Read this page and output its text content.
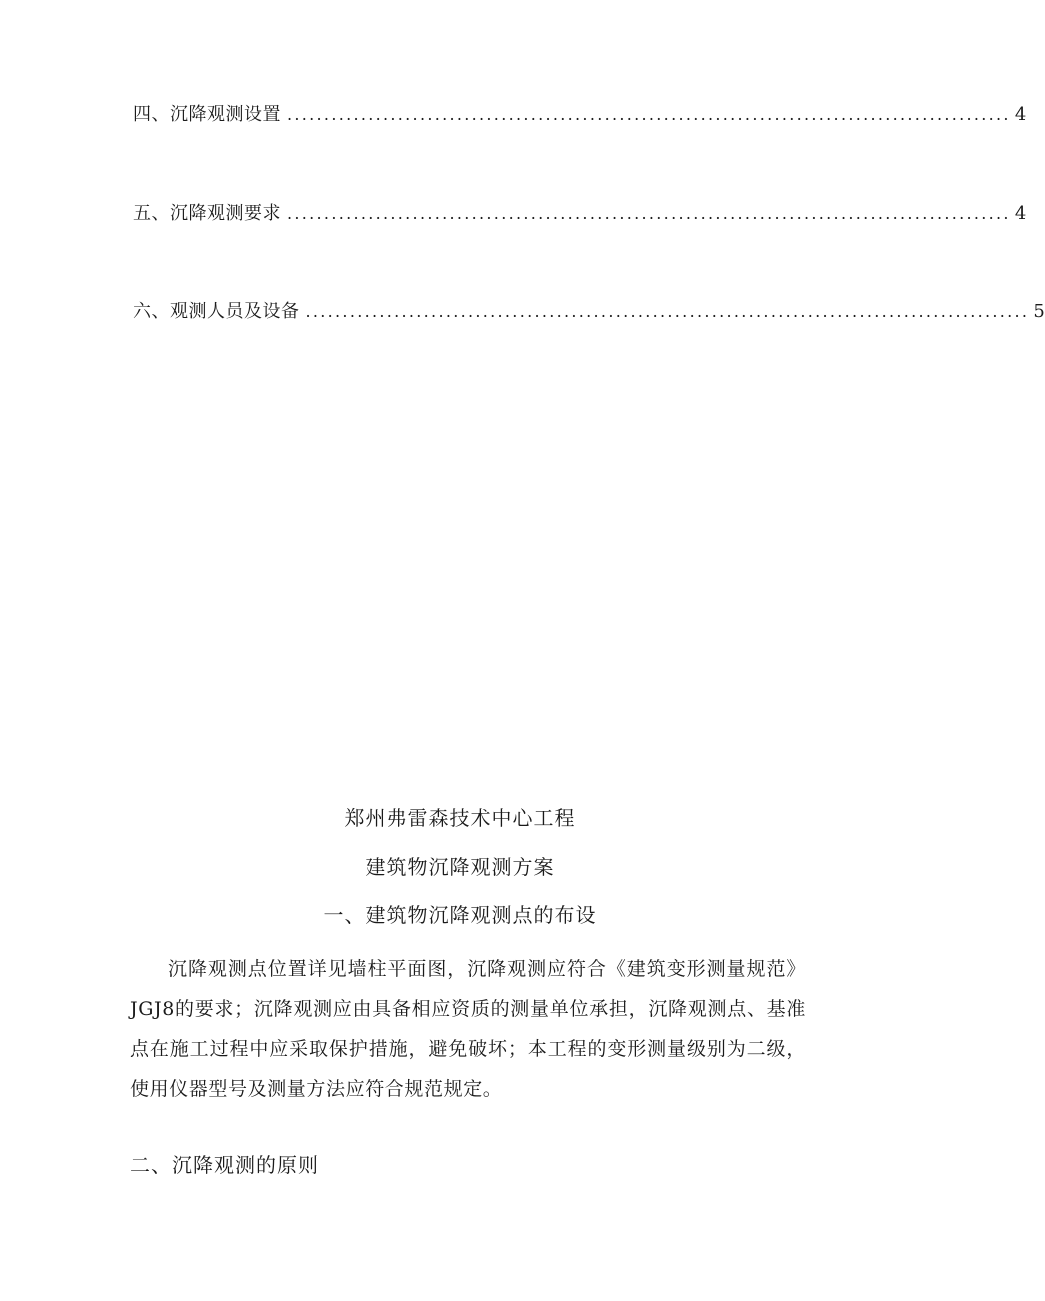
四、沉降观测设置 .................................................................................................. 4
五、沉降观测要求 .................................................................................................. 4
六、观测人员及设备 .................................................................................................. 5
郑州弗雷森技术中心工程
建筑物沉降观测方案
一、建筑物沉降观测点的布设
沉降观测点位置详见墙柱平面图，沉降观测应符合《建筑变形测量规范》JGJ8的要求；沉降观测应由具备相应资质的测量单位承担，沉降观测点、基准点在施工过程中应采取保护措施，避免破坏；本工程的变形测量级别为二级，使用仪器型号及测量方法应符合规范规定。
二、沉降观测的原则
